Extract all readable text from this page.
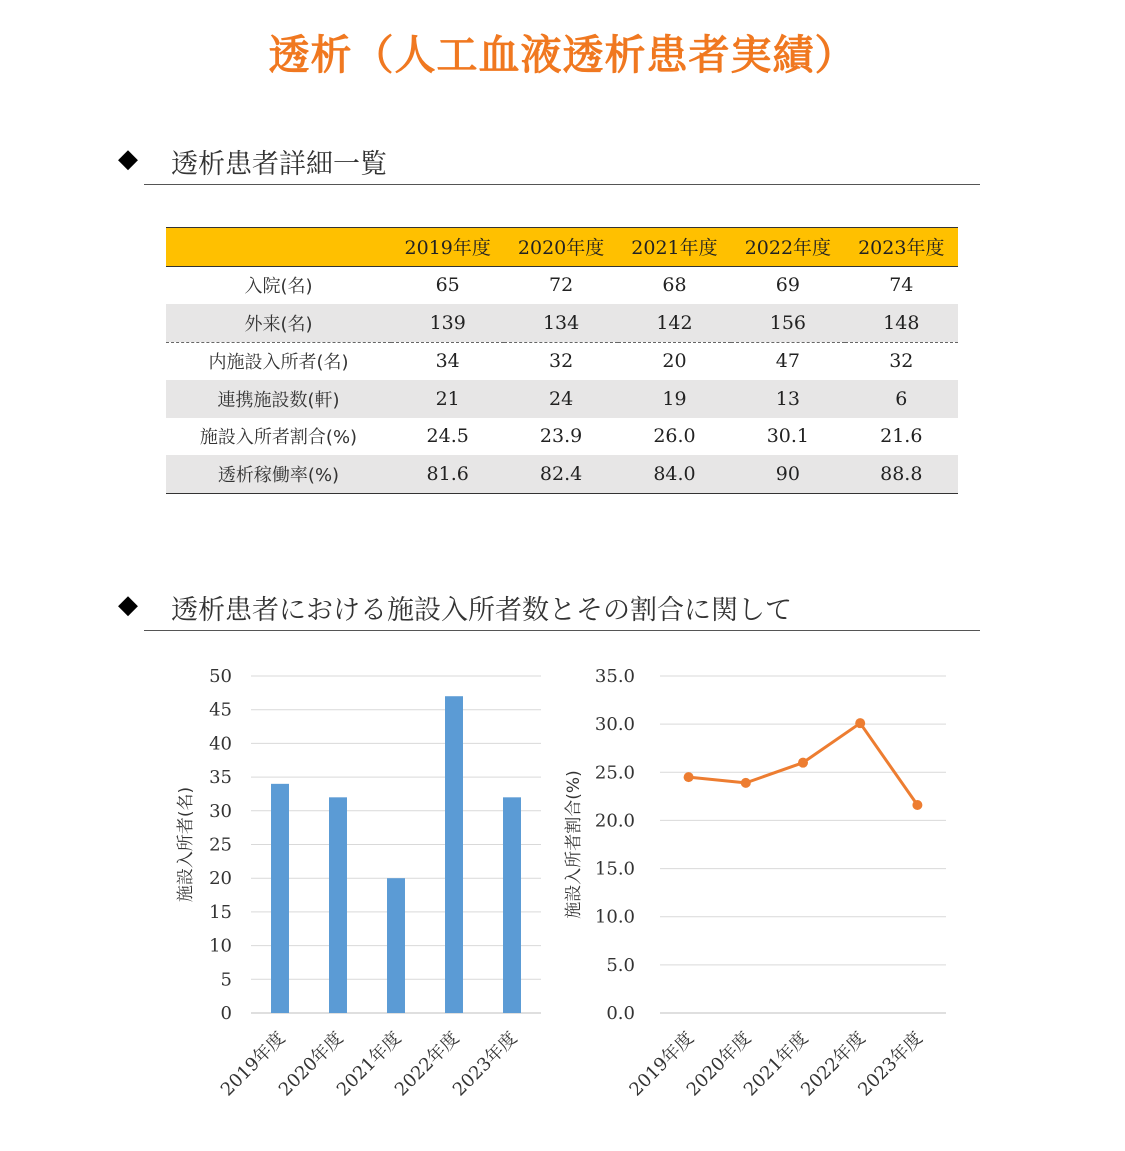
透析（人工血液透析患者実績）
◆ 透析患者詳細一覧
	2019年度	2020年度	2021年度	2022年度	2023年度
入院(名)	65	72	68	69	74
外来(名)	139	134	142	156	148
内施設入所者(名)	34	32	20	47	32
連携施設数(軒)	21	24	19	13	6
施設入所者割合(%)	24.5	23.9	26.0	30.1	21.6
透析稼働率(%)	81.6	82.4	84.0	90	88.8
◆ 透析患者における施設入所者数とその割合に関して
0
5
10
15
20
25
30
35
40
45
50
施設入所者(名)
2019年度
2020年度
2021年度
2022年度
2023年度
0.0
5.0
10.0
15.0
20.0
25.0
30.0
35.0
施設入所者割合(%)
2019年度
2020年度
2021年度
2022年度
2023年度
